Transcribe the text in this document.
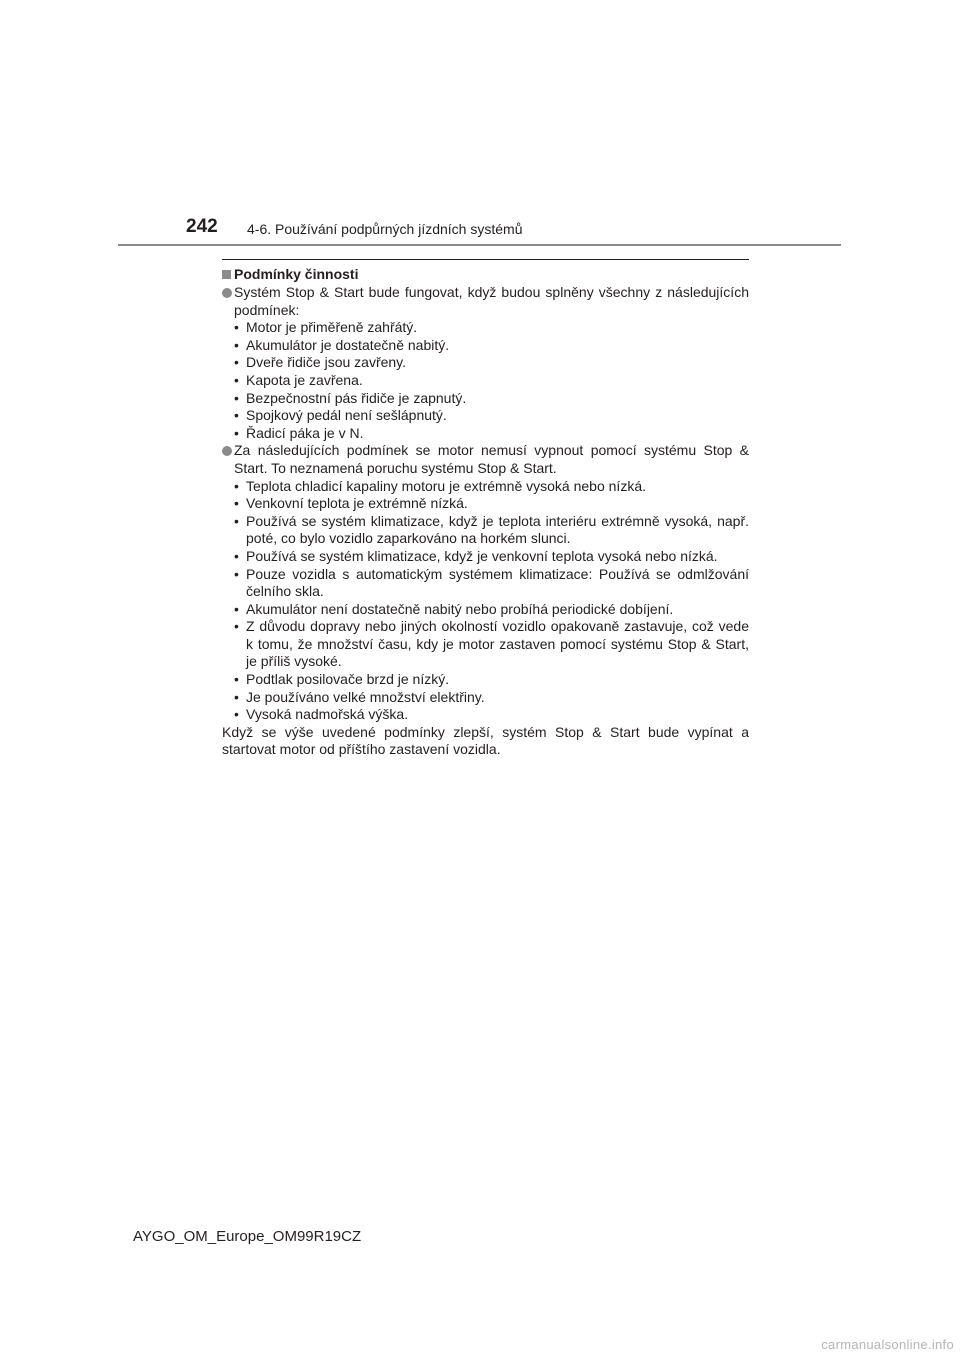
242 4-6. Používání podpůrných jízdních systémů
Podmínky činnosti
Systém Stop & Start bude fungovat, když budou splněny všechny z následujících podmínek:
• Motor je přiměřeně zahřátý.
• Akumulátor je dostatečně nabitý.
• Dveře řidiče jsou zavřeny.
• Kapota je zavřena.
• Bezpečnostní pás řidiče je zapnutý.
• Spojkový pedál není sešlápnutý.
• Řadicí páka je v N.
Za následujících podmínek se motor nemusí vypnout pomocí systému Stop & Start. To neznamená poruchu systému Stop & Start.
• Teplota chladicí kapaliny motoru je extrémně vysoká nebo nízká.
• Venkovní teplota je extrémně nízká.
• Používá se systém klimatizace, když je teplota interiéru extrémně vysoká, např. poté, co bylo vozidlo zaparkováno na horkém slunci.
• Používá se systém klimatizace, když je venkovní teplota vysoká nebo nízká.
• Pouze vozidla s automatickým systémem klimatizace: Používá se odmlžování čelního skla.
• Akumulátor není dostatečně nabitý nebo probíhá periodické dobíjení.
• Z důvodu dopravy nebo jiných okolností vozidlo opakovaně zastavuje, což vede k tomu, že množství času, kdy je motor zastaven pomocí systému Stop & Start, je příliš vysoké.
• Podtlak posilovače brzd je nízký.
• Je používáno velké množství elektřiny.
• Vysoká nadmořská výška.
Když se výše uvedené podmínky zlepší, systém Stop & Start bude vypínat a startovat motor od příštího zastavení vozidla.
AYGO_OM_Europe_OM99R19CZ
carmanualsonline.info
